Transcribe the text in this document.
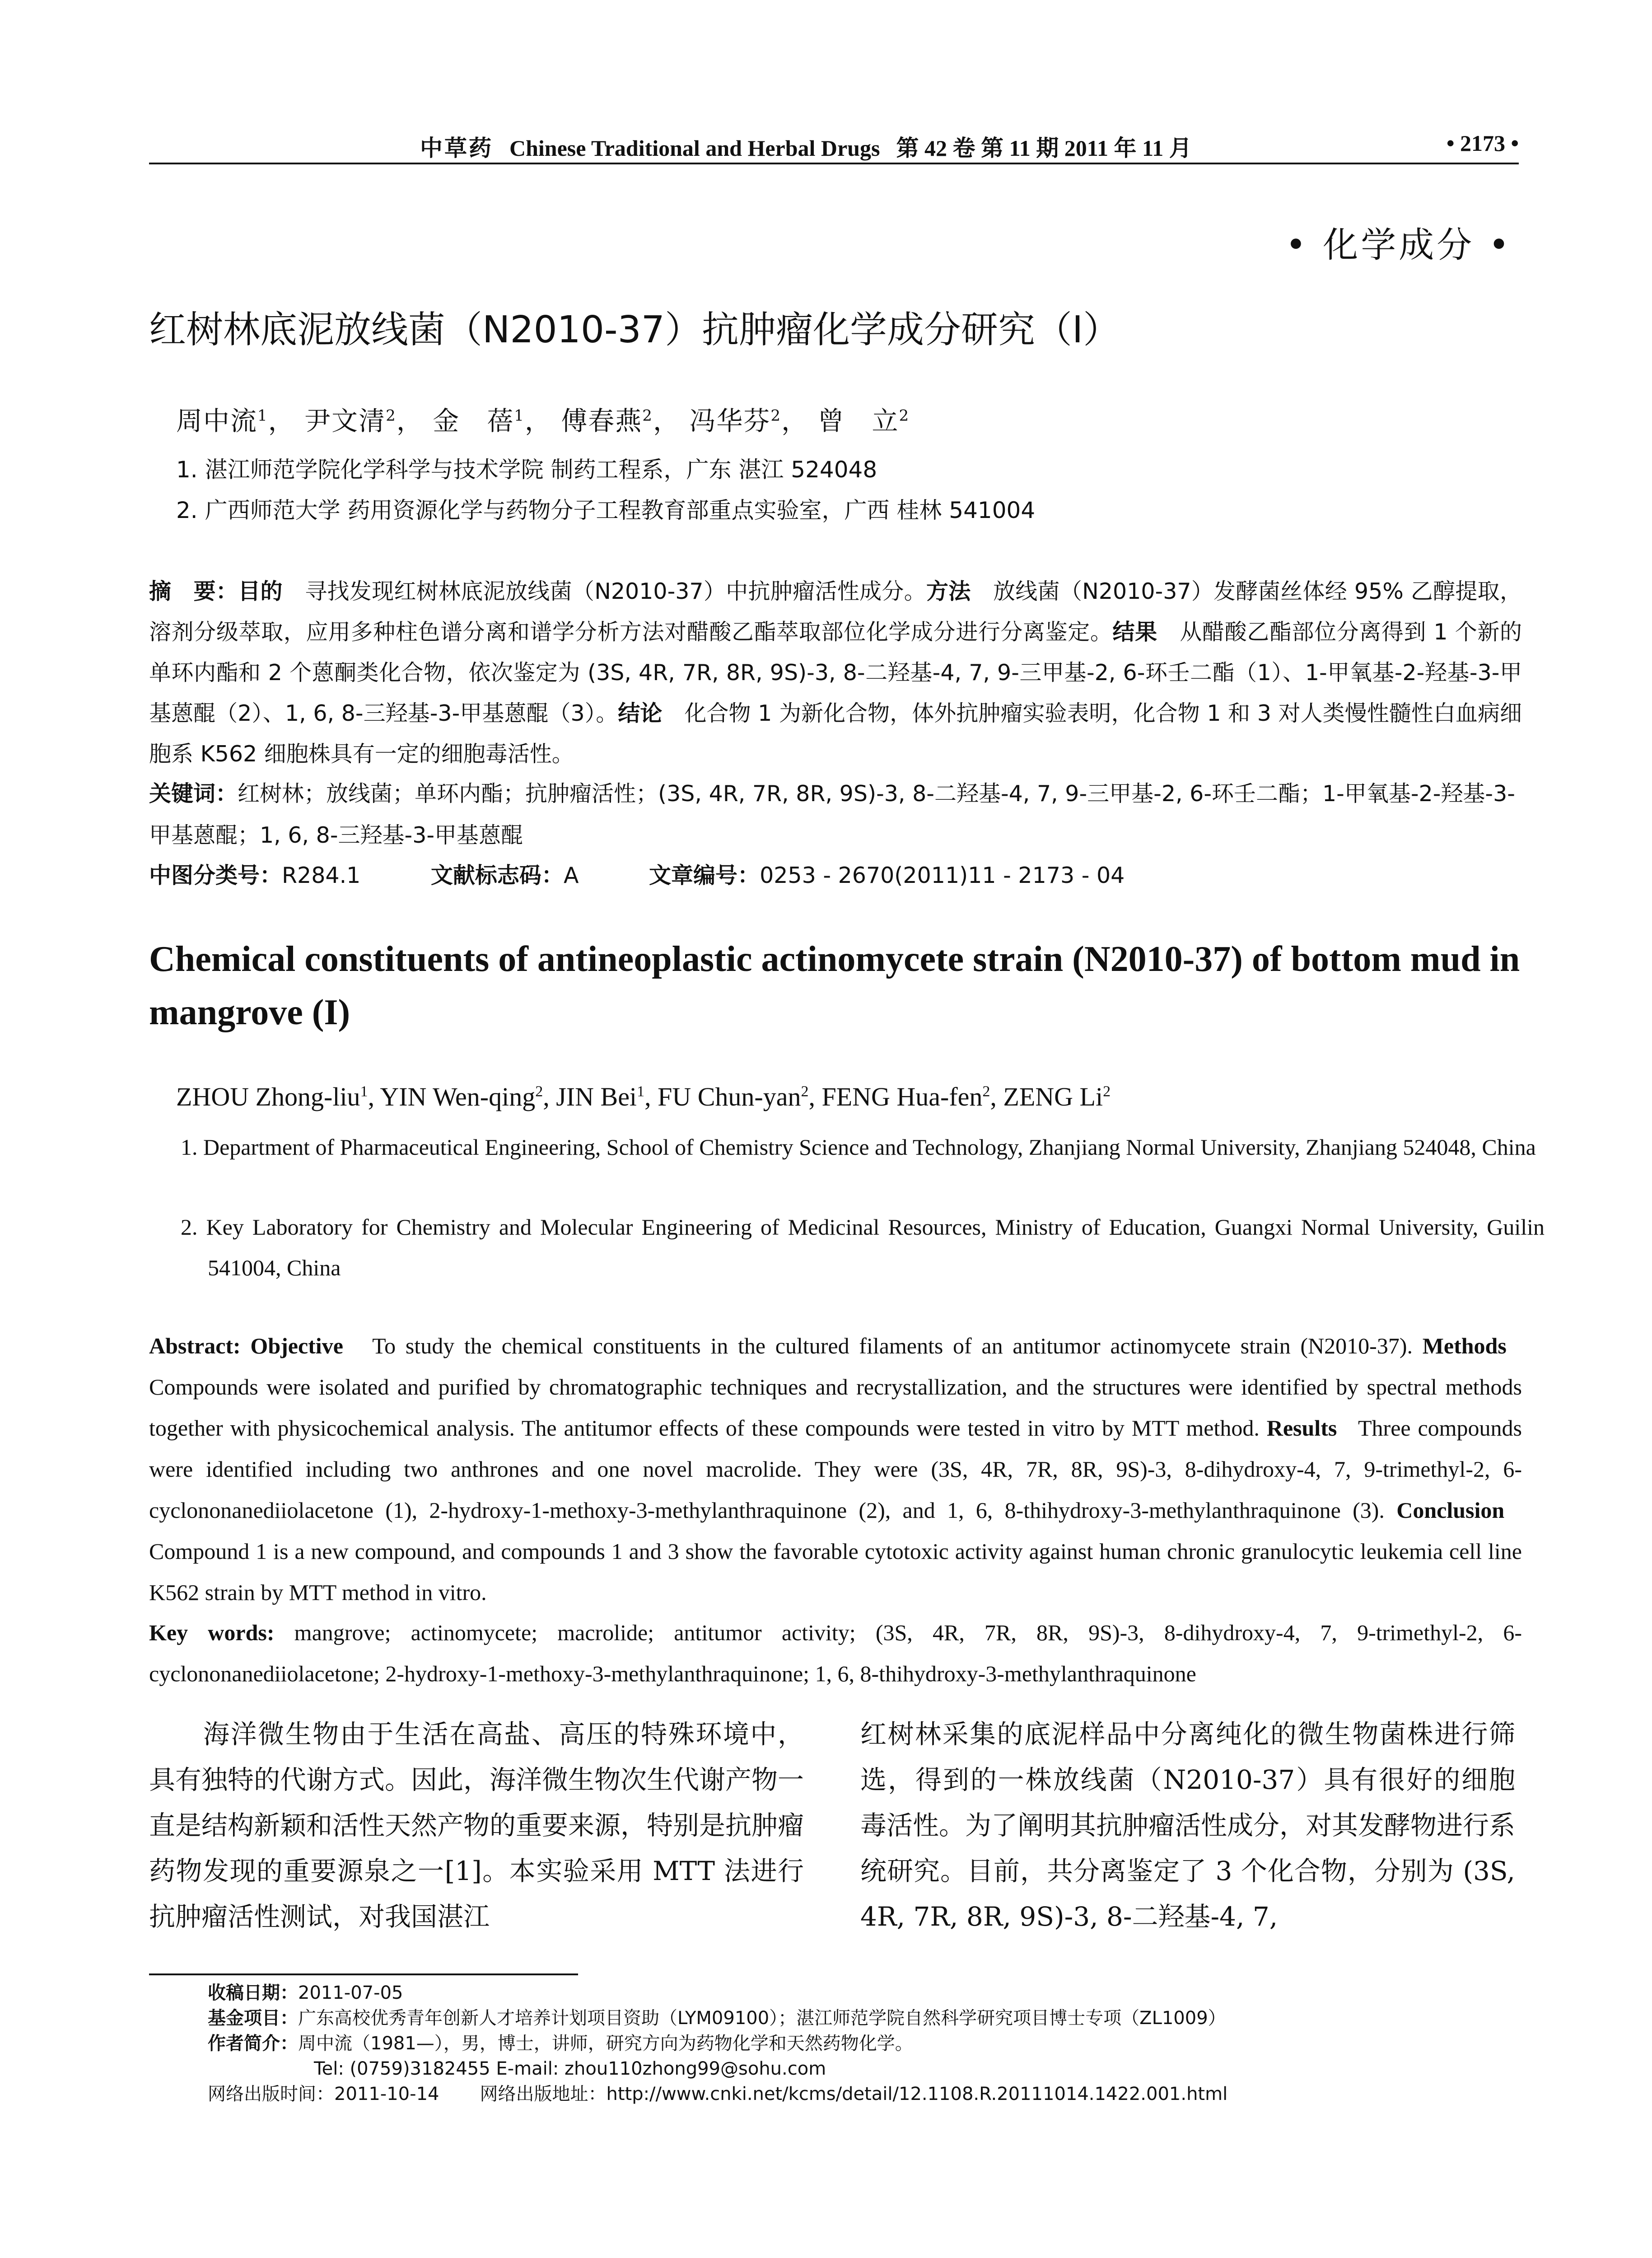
中草药 Chinese Traditional and Herbal Drugs 第 42 卷 第 11 期 2011 年 11 月	• 2173 •
• 化学成分 •
红树林底泥放线菌（N2010-37）抗肿瘤化学成分研究（I）
周中流$^1$， 尹文清$^2$， 金　蓓$^1$， 傅春燕$^2$， 冯华芬$^2$， 曾　立$^2$
1. 湛江师范学院化学科学与技术学院 制药工程系，广东 湛江 524048
2. 广西师范大学 药用资源化学与药物分子工程教育部重点实验室，广西 桂林 541004
摘　要：目的　 寻找发现红树林底泥放线菌（N2010-37）中抗肿瘤活性成分。方法　 放线菌（N2010-37）发酵菌丝体经 95% 乙醇提取，溶剂分级萃取，应用多种柱色谱分离和谱学分析方法对醋酸乙酯萃取部位化学成分进行分离鉴定。结果　 从醋酸乙酯部位分离得到 1 个新的单环内酯和 2 个蒽酮类化合物，依次鉴定为 (3S, 4R, 7R, 8R, 9S)-3, 8-二羟基-4, 7, 9-三甲基-2, 6-环壬二酯（1）、1-甲氧基-2-羟基-3-甲基蒽醌（2）、1, 6, 8-三羟基-3-甲基蒽醌（3）。结论　 化合物 1 为新化合物，体外抗肿瘤实验表明，化合物 1 和 3 对人类慢性髓性白血病细胞系 K562 细胞株具有一定的细胞毒活性。
关键词：红树林；放线菌；单环内酯；抗肿瘤活性；(3S, 4R, 7R, 8R, 9S)-3, 8-二羟基-4, 7, 9-三甲基-2, 6-环壬二酯；1-甲氧基-2-羟基-3-甲基蒽醌；1, 6, 8-三羟基-3-甲基蒽醌
中图分类号：R284.1	文献标志码：A	文章编号：0253 - 2670(2011)11 - 2173 - 04
Chemical constituents of antineoplastic actinomycete strain (N2010-37) of bottom mud in mangrove (I)
ZHOU Zhong-liu$^1$, YIN Wen-qing$^2$, JIN Bei$^1$, FU Chun-yan$^2$, FENG Hua-fen$^2$, ZENG Li$^2$
1. Department of Pharmaceutical Engineering, School of Chemistry Science and Technology, Zhanjiang Normal University, Zhanjiang 524048, China
2. Key Laboratory for Chemistry and Molecular Engineering of Medicinal Resources, Ministry of Education, Guangxi Normal University, Guilin 541004, China
Abstract: Objective To study the chemical constituents in the cultured filaments of an antitumor actinomycete strain (N2010-37). Methods   Compounds were isolated and purified by chromatographic techniques and recrystallization, and the structures were identified by spectral methods together with physicochemical analysis. The antitumor effects of these compounds were tested in vitro by MTT method. Results Three compounds were identified including two anthrones and one novel macrolide. They were (3S, 4R, 7R, 8R, 9S)-3, 8-dihydroxy-4, 7, 9-trimethyl-2, 6-cyclononanediiolacetone (1), 2-hydroxy-1-methoxy-3-methylanthraquinone (2), and 1, 6, 8-thihydroxy-3-methylanthraquinone (3). Conclusion   Compound 1 is a new compound, and compounds 1 and 3 show the favorable cytotoxic activity against human chronic granulocytic leukemia cell line K562 strain by MTT method in vitro.
Key words: mangrove; actinomycete; macrolide; antitumor activity; (3S, 4R, 7R, 8R, 9S)-3, 8-dihydroxy-4, 7, 9-trimethyl-2, 6-cyclononanediiolacetone; 2-hydroxy-1-methoxy-3-methylanthraquinone; 1, 6, 8-thihydroxy-3-methylanthraquinone
海洋微生物由于生活在高盐、高压的特殊环境中，具有独特的代谢方式。因此，海洋微生物次生代谢产物一直是结构新颖和活性天然产物的重要来源，特别是抗肿瘤药物发现的重要源泉之一[1]。本实验采用 MTT 法进行抗肿瘤活性测试，对我国湛江
红树林采集的底泥样品中分离纯化的微生物菌株进行筛选，得到的一株放线菌（N2010-37）具有很好的细胞毒活性。为了阐明其抗肿瘤活性成分，对其发酵物进行系统研究。目前，共分离鉴定了 3 个化合物，分别为 (3S, 4R, 7R, 8R, 9S)-3, 8-二羟基-4, 7,
收稿日期：2011-07-05
基金项目：广东高校优秀青年创新人才培养计划项目资助（LYM09100）；湛江师范学院自然科学研究项目博士专项（ZL1009）
作者简介：周中流（1981—），男，博士，讲师，研究方向为药物化学和天然药物化学。
Tel: (0759)3182455 E-mail: zhou110zhong99@sohu.com
网络出版时间：2011-10-14 网络出版地址：http://www.cnki.net/kcms/detail/12.1108.R.20111014.1422.001.html
